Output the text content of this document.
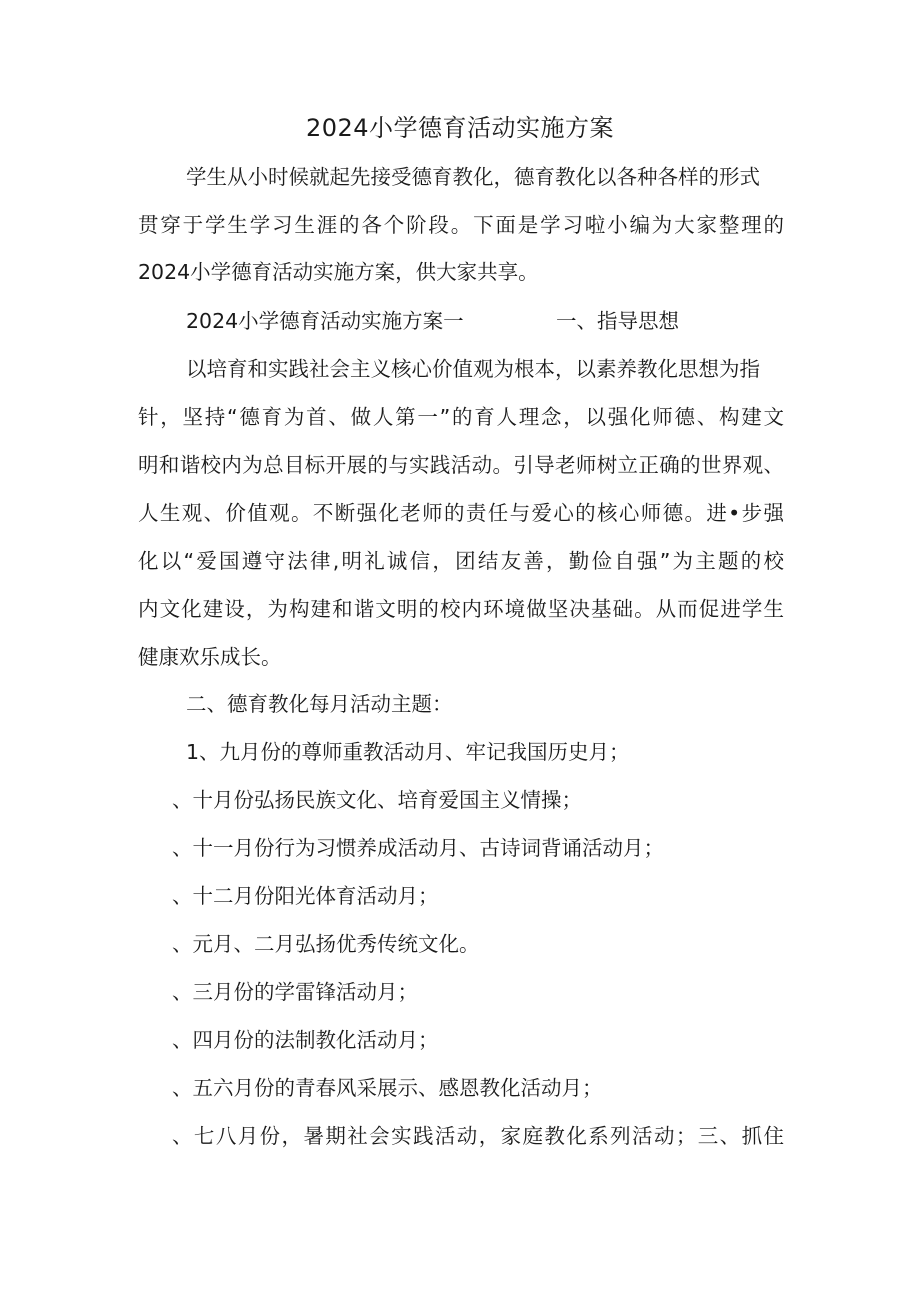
2024小学德育活动实施方案
学生从小时候就起先接受德育教化，德育教化以各种各样的形式
贯穿于学生学习生涯的各个阶段。下面是学习啦小编为大家整理的
2024小学德育活动实施方案，供大家共享。
2024小学德育活动实施方案一	一、指导思想
以培育和实践社会主义核心价值观为根本，以素养教化思想为指
针，坚持“德育为首、做人第一”的育人理念，以强化师德、构建文
明和谐校内为总目标开展的与实践活动。引导老师树立正确的世界观、
人生观、价值观。不断强化老师的责任与爱心的核心师德。进•步强
化以“爱国遵守法律,明礼诚信，团结友善，勤俭自强”为主题的校
内文化建设，为构建和谐文明的校内环境做坚决基础。从而促进学生
健康欢乐成长。
二、德育教化每月活动主题：
1、九月份的尊师重教活动月、牢记我国历史月；
、十月份弘扬民族文化、培育爱国主义情操；
、十一月份行为习惯养成活动月、古诗词背诵活动月；
、十二月份阳光体育活动月；
、元月、二月弘扬优秀传统文化。
、三月份的学雷锋活动月；
、四月份的法制教化活动月；
、五六月份的青春风采展示、感恩教化活动月；
、七八月份，暑期社会实践活动，家庭教化系列活动；三、抓住
